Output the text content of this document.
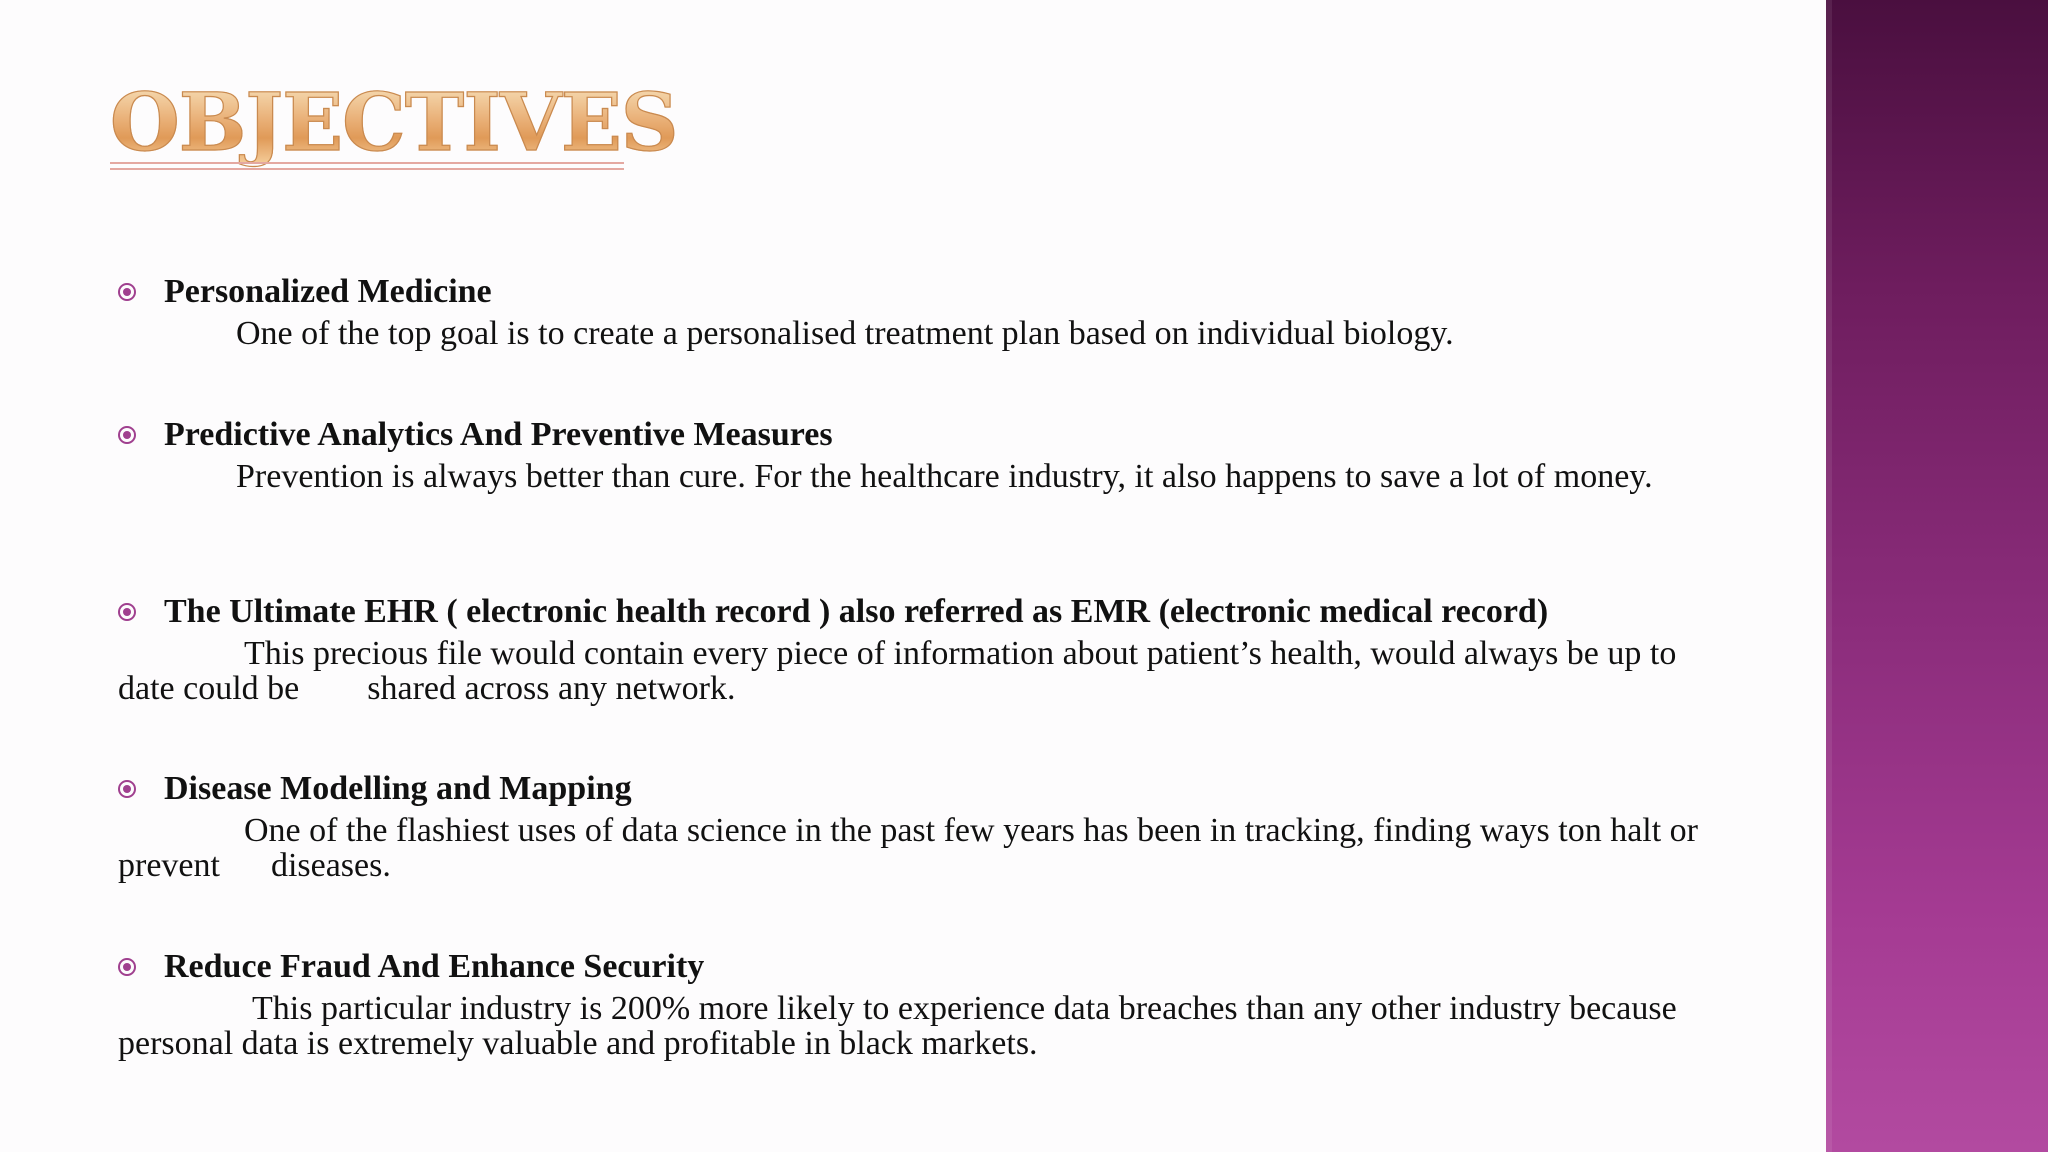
OBJECTIVES
Personalized Medicine
One of the top goal is to create a personalised treatment plan based on individual biology.
Predictive Analytics And Preventive Measures
Prevention is always better than cure. For the healthcare industry, it also happens to save a lot of money.
The Ultimate EHR ( electronic health record ) also referred as EMR (electronic medical record)
This precious file would contain every piece of information about patient’s health, would always be up to date could be        shared across any network.
Disease Modelling and Mapping
One of the flashiest uses of data science in the past few years has been in tracking, finding ways ton halt or prevent      diseases.
Reduce Fraud And Enhance Security
This particular industry is 200% more likely to experience data breaches than any other industry because personal data is extremely valuable and profitable in black markets.
